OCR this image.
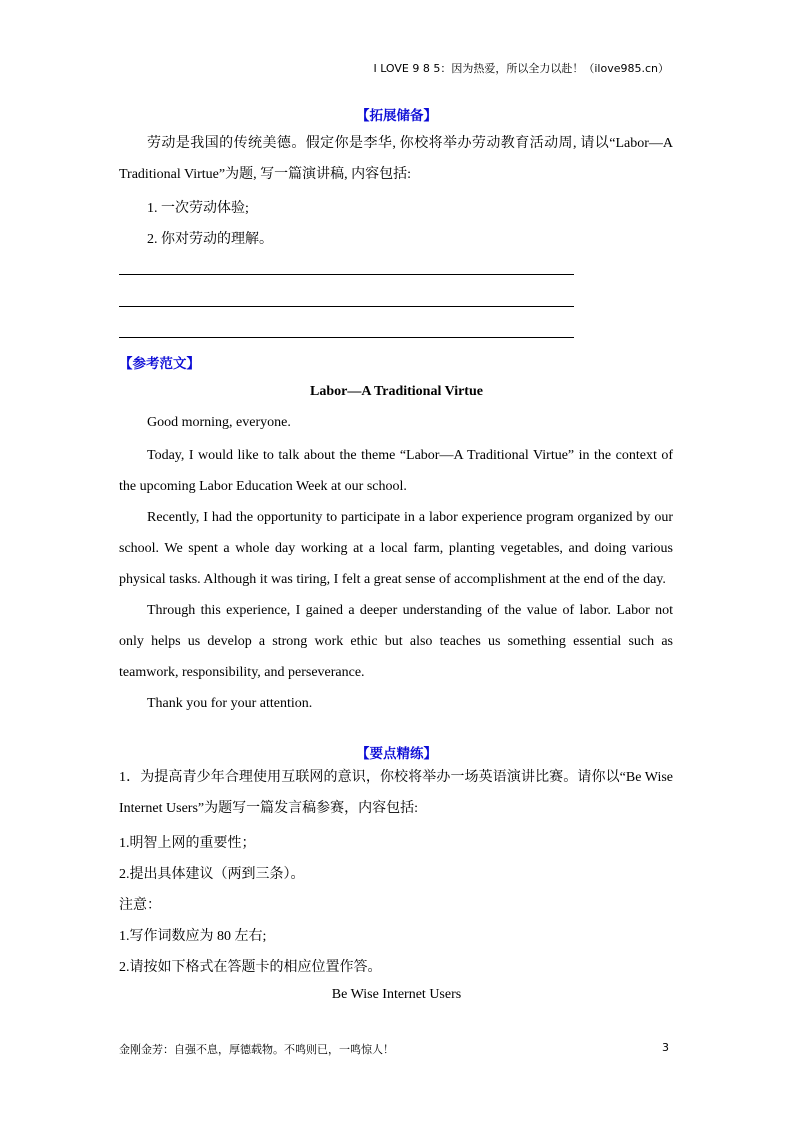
I LOVE 9 8 5：因为热爱，所以全力以赴！（ilove985.cn）
【拓展储备】
劳动是我国的传统美德。假定你是李华, 你校将举办劳动教育活动周, 请以“Labor—A Traditional Virtue”为题, 写一篇演讲稿, 内容包括:
1. 一次劳动体验;
2. 你对劳动的理解。
【参考范文】
Labor—A Traditional Virtue
Good morning, everyone.
Today, I would like to talk about the theme “Labor—A Traditional Virtue” in the context of the upcoming Labor Education Week at our school.
Recently, I had the opportunity to participate in a labor experience program organized by our school. We spent a whole day working at a local farm, planting vegetables, and doing various physical tasks. Although it was tiring, I felt a great sense of accomplishment at the end of the day.
Through this experience, I gained a deeper understanding of the value of labor. Labor not only helps us develop a strong work ethic but also teaches us something essential such as teamwork, responsibility, and perseverance.
Thank you for your attention.
【要点精练】
1．为提高青少年合理使用互联网的意识，你校将举办一场英语演讲比赛。请你以“Be Wise Internet Users”为题写一篇发言稿参赛，内容包括:
1.明智上网的重要性；
2.提出具体建议（两到三条）。
注意：
1.写作词数应为 80 左右;
2.请按如下格式在答题卡的相应位置作答。
Be Wise Internet Users
金刚金芳：自强不息，厚德载物。不鸣则已，一鸣惊人！	3
